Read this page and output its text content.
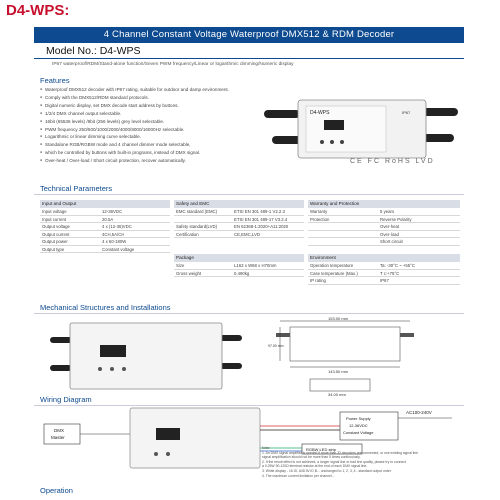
D4-WPS:
4 Channel Constant Voltage Waterproof DMX512 & RDM Decoder
Model No.: D4-WPS
IP67 waterproof/RDM/Stand-alone function/Seven PWM frequency/Linear or logarithmic dimming/Numeric display
Features
● Waterproof DMX512 decoder with IP67 rating, suitable for outdoor and damp environment.
● Comply with the DMX512/RDM standard protocols.
● Digital numeric display, set DMX decode start address by buttons.
● 1/2/4 DMX channel output selectable.
● 16bit (65536 levels) /8bit (256 levels) grey level selectable.
● PWM frequency 250/500/1000/2000/4000/8000/16000Hz selectable.
● Logarithmic or linear dimming curve selectable.
● Standalone RGB/RGBW mode and 4 channel dimmer mode selectable,
● which be controlled by buttons with built-in programs, instead of DMX signal.
● Over-heat / Over-load / Short circuit protection, recover automatically.
D4-WPS	IP67
CE FC RoHS LVD
Technical Parameters
Input and Output
Input voltage	12-36VDC
Input current	20.5A
Output voltage	4 x (12-36)VDC
Output current	4CH,5A/CH
Output power	4 x 60-180W
Output type	Constant voltage
Safety and EMC
EMC standard (EMC)	ETSI EN 301 489-1 V2.2.3
ETSI EN 301 489-17 V3.2.4
Safety standard(LVD)	EN 62368-1:2020+A11:2020
Certification	CE,EMC,LVD
Package
Size	L163 x W68 x H70mm
Gross weight	0.490kg
Warranty and Protection
Warranty	5 years
Protection	Reverse Polarity
Over-heat
Over-load
Short circuit
Environment
Operation temperature	Ta: -30°C ~ +55°C
Case temperature (Max.)	T c:+75°C
IP rating	IP67
Mechanical Structures and Installations
153.00 mm
97.00 mm
143.50 mm
34.00 mm
Wiring Diagram
DMX
Master
Power Supply
12-36VDC
Constant Voltage
AC100-240V
RGBW LED strip
Note:
1. An DMX signal amplifier is needed if more than 32 decoders are connected, or use existing signal line
signal amplification should not be more than 5 times continuously.
2. If the result effect is not achieved, a longer signal line or bad line quality, please try to connect
a 0.25W 90-120Ω terminal resistor at the end of each DMX signal line.
3. White display - 16 ID, A/ID B/ ID B... unchanged to 1, 2, 3, 4 - standard output order
4. The maximum current limitation per channel...
Operation
